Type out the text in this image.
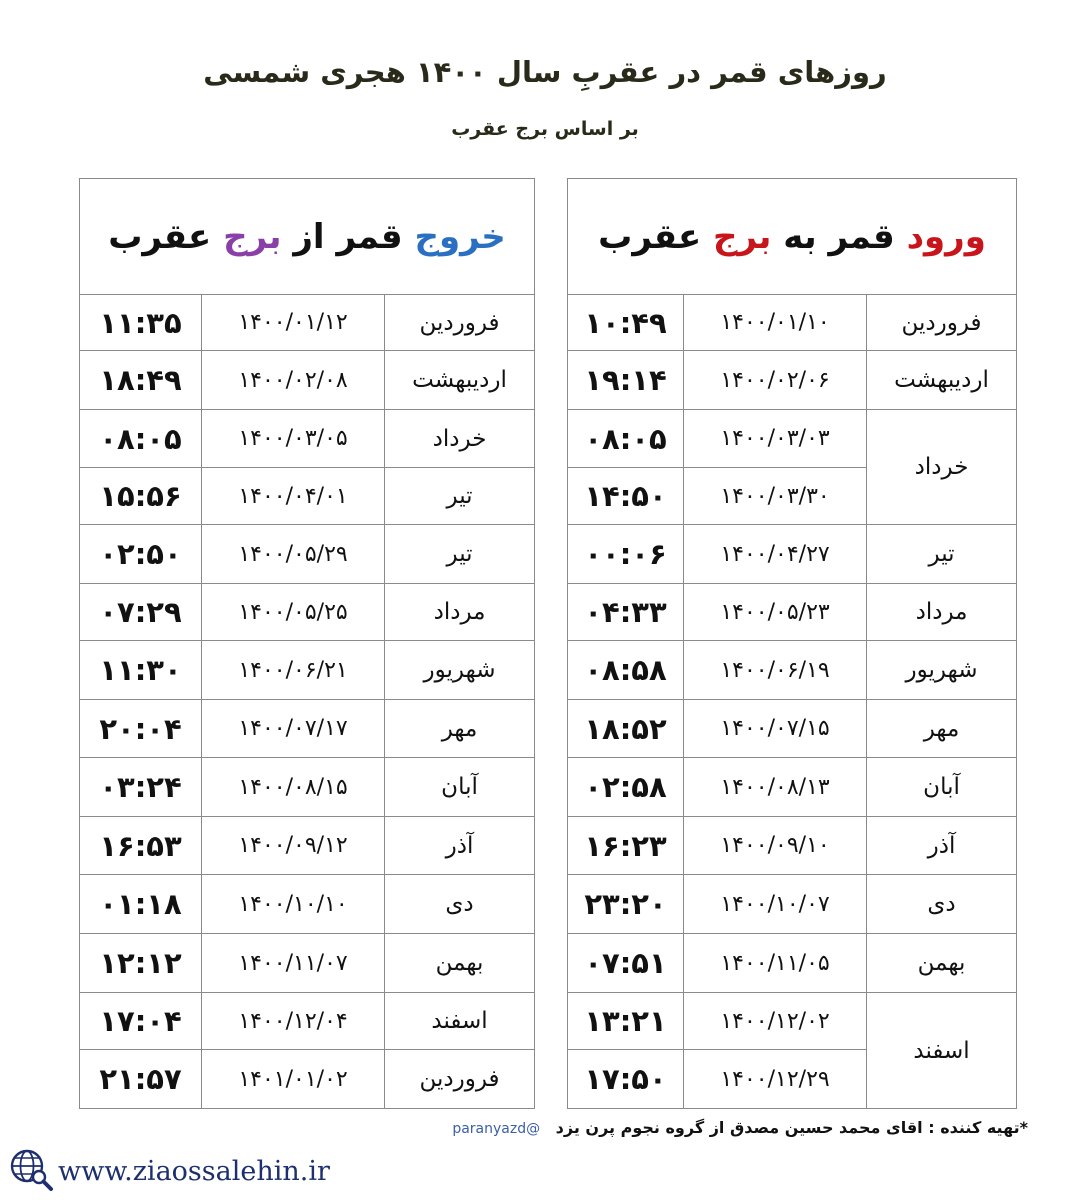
روزهای قمر در عقربِ سال ۱۴۰۰ هجری شمسی
بر اساس برج عقرب
ورود قمر به برج عقرب		
فروردین	۱۴۰۰/۰۱/۱۰	۱۰:۴۹
اردیبهشت	۱۴۰۰/۰۲/۰۶	۱۹:۱۴
خرداد	۱۴۰۰/۰۳/۰۳	۰۸:۰۵
	۱۴۰۰/۰۳/۳۰	۱۴:۵۰
تیر	۱۴۰۰/۰۴/۲۷	۰۰:۰۶
مرداد	۱۴۰۰/۰۵/۲۳	۰۴:۳۳
شهریور	۱۴۰۰/۰۶/۱۹	۰۸:۵۸
مهر	۱۴۰۰/۰۷/۱۵	۱۸:۵۲
آبان	۱۴۰۰/۰۸/۱۳	۰۲:۵۸
آذر	۱۴۰۰/۰۹/۱۰	۱۶:۲۳
دی	۱۴۰۰/۱۰/۰۷	۲۳:۲۰
بهمن	۱۴۰۰/۱۱/۰۵	۰۷:۵۱
اسفند	۱۴۰۰/۱۲/۰۲	۱۳:۲۱
	۱۴۰۰/۱۲/۲۹	۱۷:۵۰
خروج قمر از برج عقرب		
فروردین	۱۴۰۰/۰۱/۱۲	۱۱:۳۵
اردیبهشت	۱۴۰۰/۰۲/۰۸	۱۸:۴۹
خرداد	۱۴۰۰/۰۳/۰۵	۰۸:۰۵
تیر	۱۴۰۰/۰۴/۰۱	۱۵:۵۶
تیر	۱۴۰۰/۰۵/۲۹	۰۲:۵۰
مرداد	۱۴۰۰/۰۵/۲۵	۰۷:۲۹
شهریور	۱۴۰۰/۰۶/۲۱	۱۱:۳۰
مهر	۱۴۰۰/۰۷/۱۷	۲۰:۰۴
آبان	۱۴۰۰/۰۸/۱۵	۰۳:۲۴
آذر	۱۴۰۰/۰۹/۱۲	۱۶:۵۳
دی	۱۴۰۰/۱۰/۱۰	۰۱:۱۸
بهمن	۱۴۰۰/۱۱/۰۷	۱۲:۱۲
اسفند	۱۴۰۰/۱۲/۰۴	۱۷:۰۴
فروردین	۱۴۰۱/۰۱/۰۲	۲۱:۵۷
*تهیه کننده : اقای محمد حسین مصدق از گروه نجوم پرن یزد @paranyazd
www.ziaossalehin.ir
